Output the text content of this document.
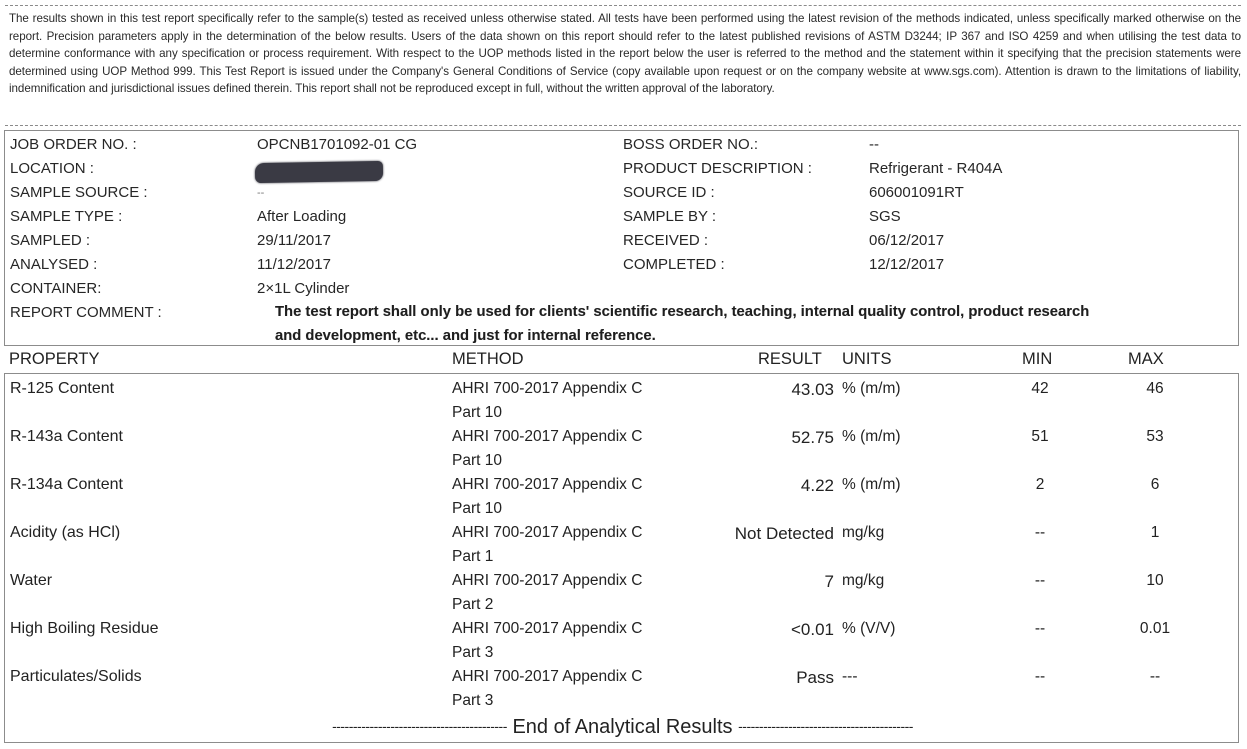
The results shown in this test report specifically refer to the sample(s) tested as received unless otherwise stated. All tests have been performed using the latest revision of the methods indicated, unless specifically marked otherwise on the report. Precision parameters apply in the determination of the below results. Users of the data shown on this report should refer to the latest published revisions of ASTM D3244; IP 367 and ISO 4259 and when utilising the test data to determine conformance with any specification or process requirement. With respect to the UOP methods listed in the report below the user is referred to the method and the statement within it specifying that the precision statements were determined using UOP Method 999. This Test Report is issued under the Company's General Conditions of Service (copy available upon request or on the company website at www.sgs.com). Attention is drawn to the limitations of liability, indemnification and jurisdictional issues defined therein. This report shall not be reproduced except in full, without the written approval of the laboratory.
JOB ORDER NO. :	OPCNB1701092-01 CG
LOCATION :
SAMPLE SOURCE :	--
SAMPLE TYPE :	After Loading
SAMPLED :	29/11/2017
ANALYSED :	11/12/2017
CONTAINER:	2×1L Cylinder
BOSS ORDER NO.:	--
PRODUCT DESCRIPTION :	Refrigerant - R404A
SOURCE ID :	606001091RT
SAMPLE BY :	SGS
RECEIVED :	06/12/2017
COMPLETED :	12/12/2017
REPORT COMMENT :	The test report shall only be used for clients' scientific research, teaching, internal quality control, product research
and development, etc... and just for internal reference.
PROPERTY	METHOD	RESULT UNITS	MIN	MAX
R-125 Content	AHRI 700-2017 Appendix C
Part 10
43.03 % (m/m)	42	46
R-143a Content	AHRI 700-2017 Appendix C
Part 10
52.75 % (m/m)	51	53
R-134a Content	AHRI 700-2017 Appendix C
Part 10
4.22 % (m/m)	2	6
Acidity (as HCl)	AHRI 700-2017 Appendix C
Part 1
Not Detected mg/kg	--	1
Water	AHRI 700-2017 Appendix C
Part 2
7 mg/kg	--	10
High Boiling Residue	AHRI 700-2017 Appendix C
Part 3
<0.01 % (V/V)	--	0.01
Particulates/Solids	AHRI 700-2017 Appendix C
Part 3
Pass ---	--	--
------------------------------------------ End of Analytical Results ------------------------------------------
